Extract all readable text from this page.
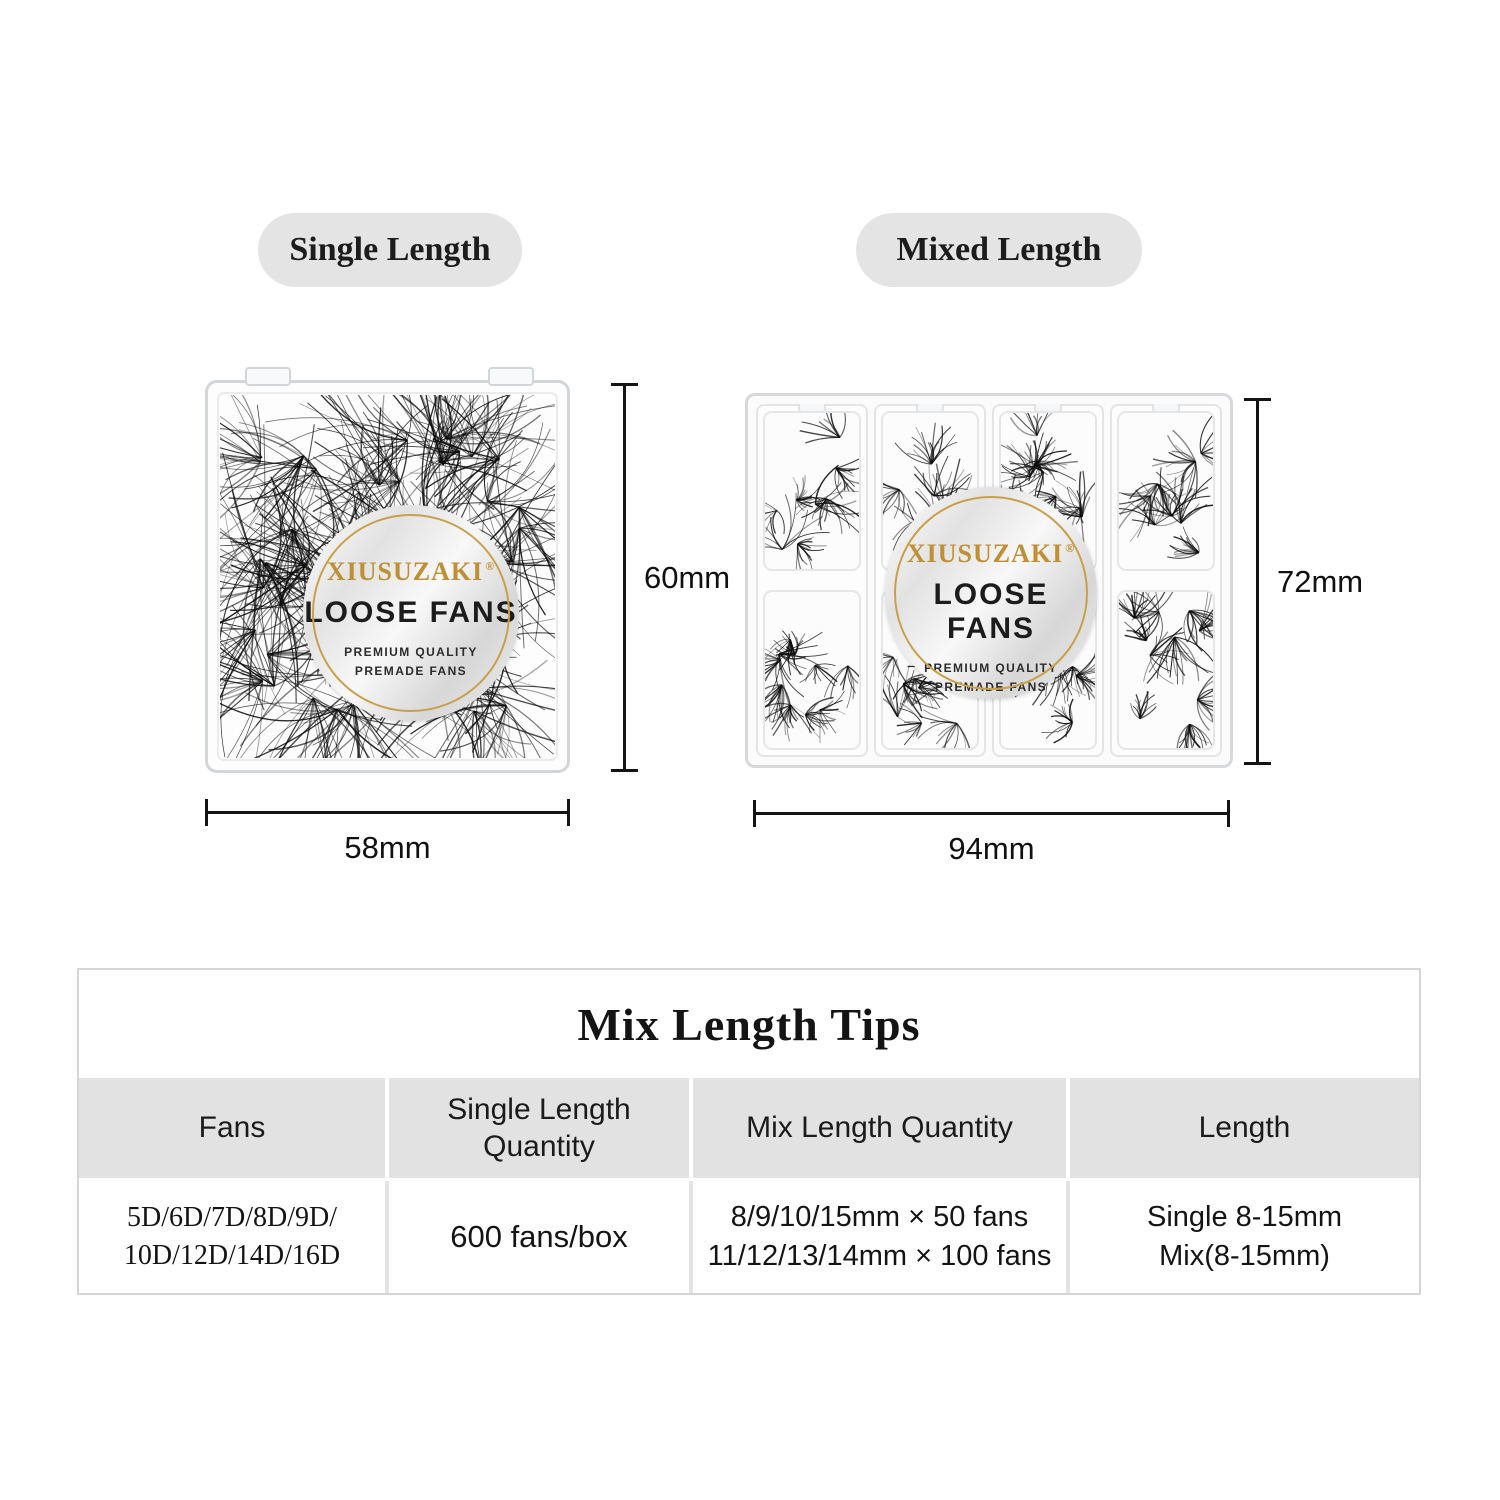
Single Length	Mixed Length
XIUSUZAKI ®
LOOSE FANS
PREMIUM QUALITY
PREMADE FANS
XIUSUZAKI ®
LOOSE FANS
PREMIUM QUALITY
PREMADE FANS
60mm
58mm
72mm
94mm
Mix Length Tips
Fans
Single Length Quantity
Mix Length Quantity	Length
5D/6D/7D/8D/9D/
10D/12D/14D/16D
600 fans/box
8/9/10/15mm × 50 fans
11/12/13/14mm × 100 fans
Single 8-15mm
Mix(8-15mm)
